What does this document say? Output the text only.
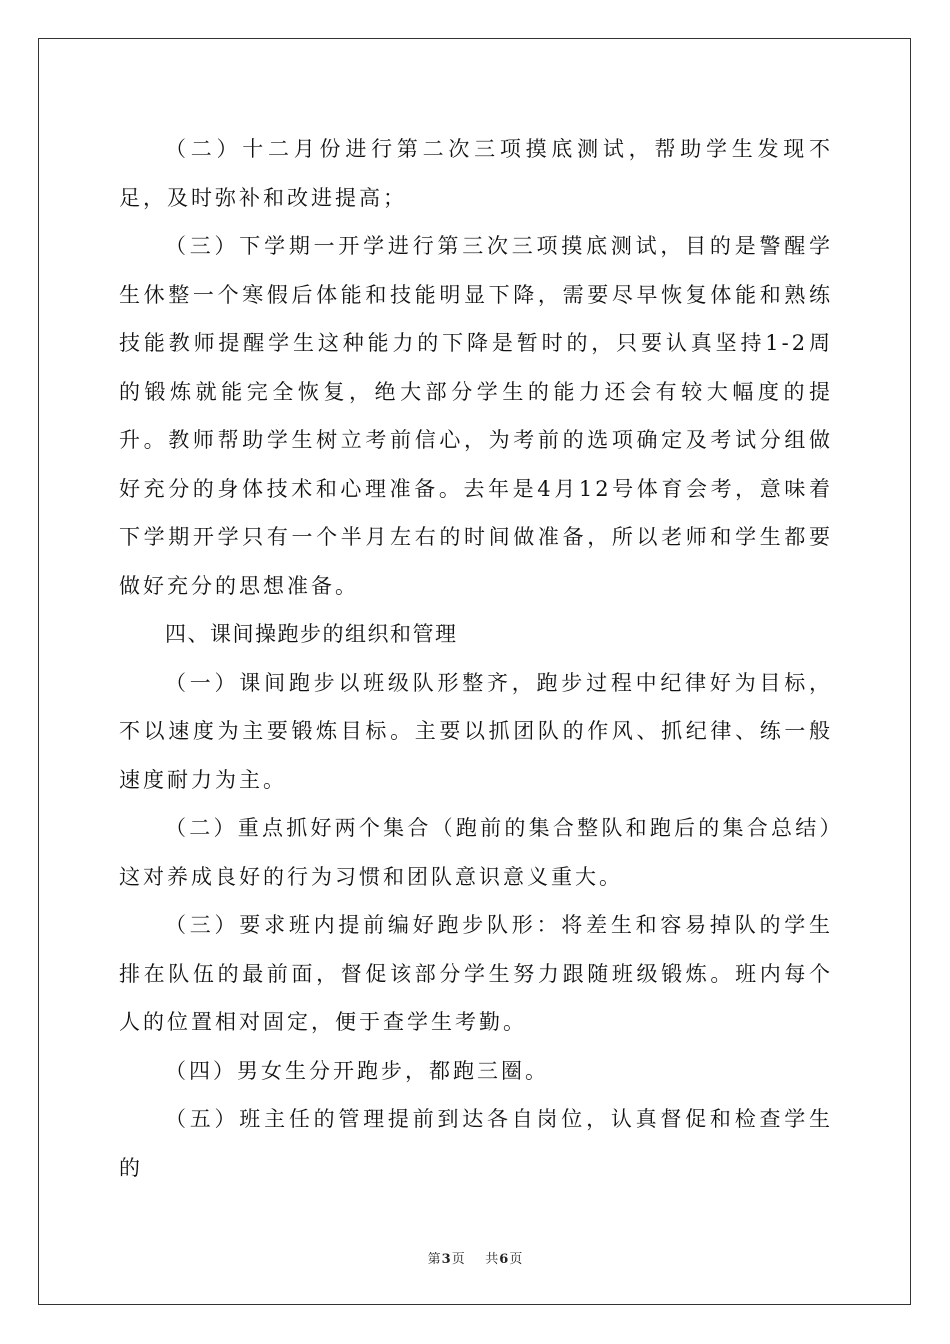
（二）十二月份进行第二次三项摸底测试，帮助学生发现不足，及时弥补和改进提高；

（三）下学期一开学进行第三次三项摸底测试，目的是警醒学生休整一个寒假后体能和技能明显下降，需要尽早恢复体能和熟练技能教师提醒学生这种能力的下降是暂时的，只要认真坚持1-2周的锻炼就能完全恢复，绝大部分学生的能力还会有较大幅度的提升。教师帮助学生树立考前信心，为考前的选项确定及考试分组做好充分的身体技术和心理准备。去年是4月12号体育会考，意味着下学期开学只有一个半月左右的时间做准备，所以老师和学生都要做好充分的思想准备。

四、课间操跑步的组织和管理

（一）课间跑步以班级队形整齐，跑步过程中纪律好为目标，不以速度为主要锻炼目标。主要以抓团队的作风、抓纪律、练一般速度耐力为主。

（二）重点抓好两个集合（跑前的集合整队和跑后的集合总结）这对养成良好的行为习惯和团队意识意义重大。

（三）要求班内提前编好跑步队形：将差生和容易掉队的学生排在队伍的最前面，督促该部分学生努力跟随班级锻炼。班内每个人的位置相对固定，便于查学生考勤。

（四）男女生分开跑步，都跑三圈。

（五）班主任的管理提前到达各自岗位，认真督促和检查学生的

第3页 共6页
